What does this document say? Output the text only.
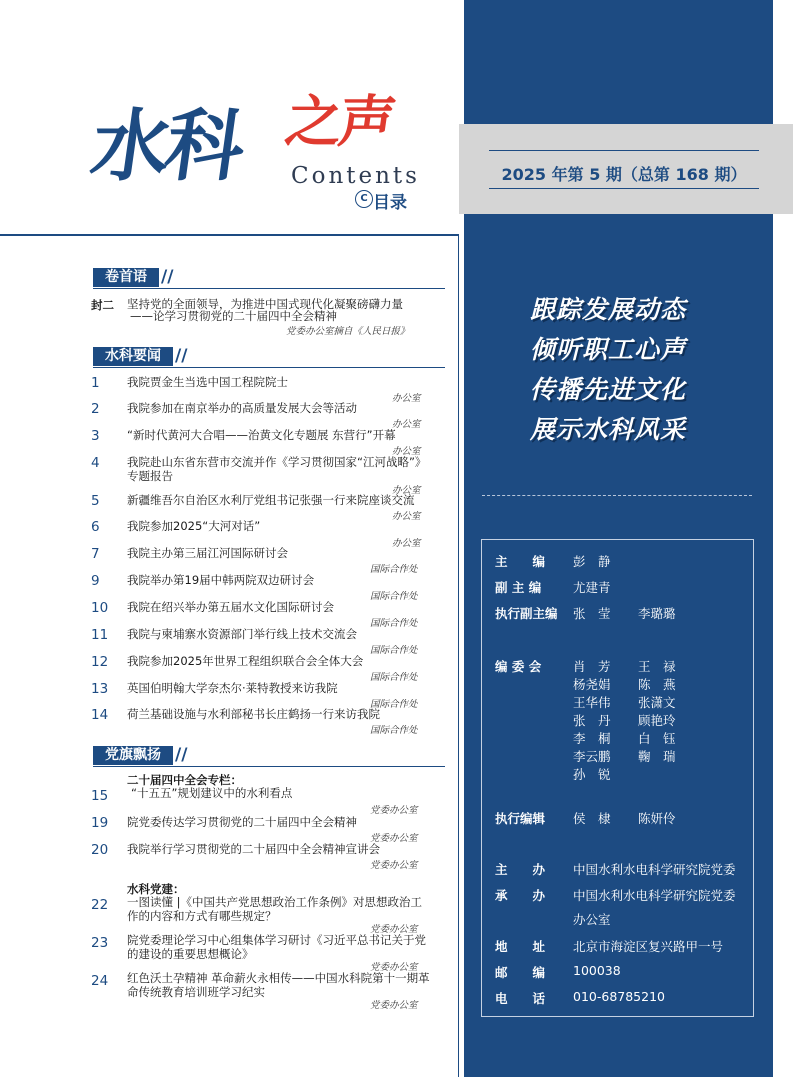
2025 年第 5 期（总第 168 期）
跟踪发展动态
倾听职工心声
传播先进文化
展示水科风采
主　　编 彭　静
副 主 编	尤建青
执行副主编 张　莹 李璐璐
编 委 会	肖　芳 王　禄
杨尧娟 陈　燕
王华伟 张潇文
张　丹 顾艳玲
李　桐 白　钰
李云鹏 鞠　瑞
孙　锐
执行编辑 侯　棣 陈妍伶
主　　办 中国水利水电科学研究院党委
承　　办 中国水利水电科学研究院党委
办公室
地　　址 北京市海淀区复兴路甲一号
邮　　编 100038
电　　话 010-68785210
水科 之声
Contents
C 目录
卷首语 //
封二 坚持党的全面领导，为推进中国式现代化凝聚磅礴力量
——论学习贯彻党的二十届四中全会精神
党委办公室摘自《人民日报》
水科要闻 //
1 我院贾金生当选中国工程院院士
办公室
2 我院参加在南京举办的高质量发展大会等活动
办公室
3 “新时代黄河大合唱——治黄文化专题展 东营行”开幕
办公室
4 我院赴山东省东营市交流并作《学习贯彻国家“江河战略”》专题报告
办公室
5 新疆维吾尔自治区水利厅党组书记张强一行来院座谈交流
办公室
6 我院参加2025“大河对话”
办公室
7 我院主办第三届江河国际研讨会
国际合作处
9 我院举办第19届中韩两院双边研讨会
国际合作处
10 我院在绍兴举办第五届水文化国际研讨会
国际合作处
11 我院与柬埔寨水资源部门举行线上技术交流会
国际合作处
12 我院参加2025年世界工程组织联合会全体大会
国际合作处
13 英国伯明翰大学奈杰尔·莱特教授来访我院
国际合作处
14 荷兰基础设施与水利部秘书长庄鹤扬一行来访我院
国际合作处
党旗飘扬 //
二十届四中全会专栏：
15 “十五五”规划建议中的水利看点
党委办公室
19 院党委传达学习贯彻党的二十届四中全会精神
党委办公室
20 我院举行学习贯彻党的二十届四中全会精神宣讲会
党委办公室
水科党建：
22 一图读懂 |《中国共产党思想政治工作条例》对思想政治工作的内容和方式有哪些规定？
党委办公室
23 院党委理论学习中心组集体学习研讨《习近平总书记关于党的建设的重要思想概论》
党委办公室
24 红色沃土孕精神 革命薪火永相传——中国水科院第十一期革命传统教育培训班学习纪实
党委办公室
